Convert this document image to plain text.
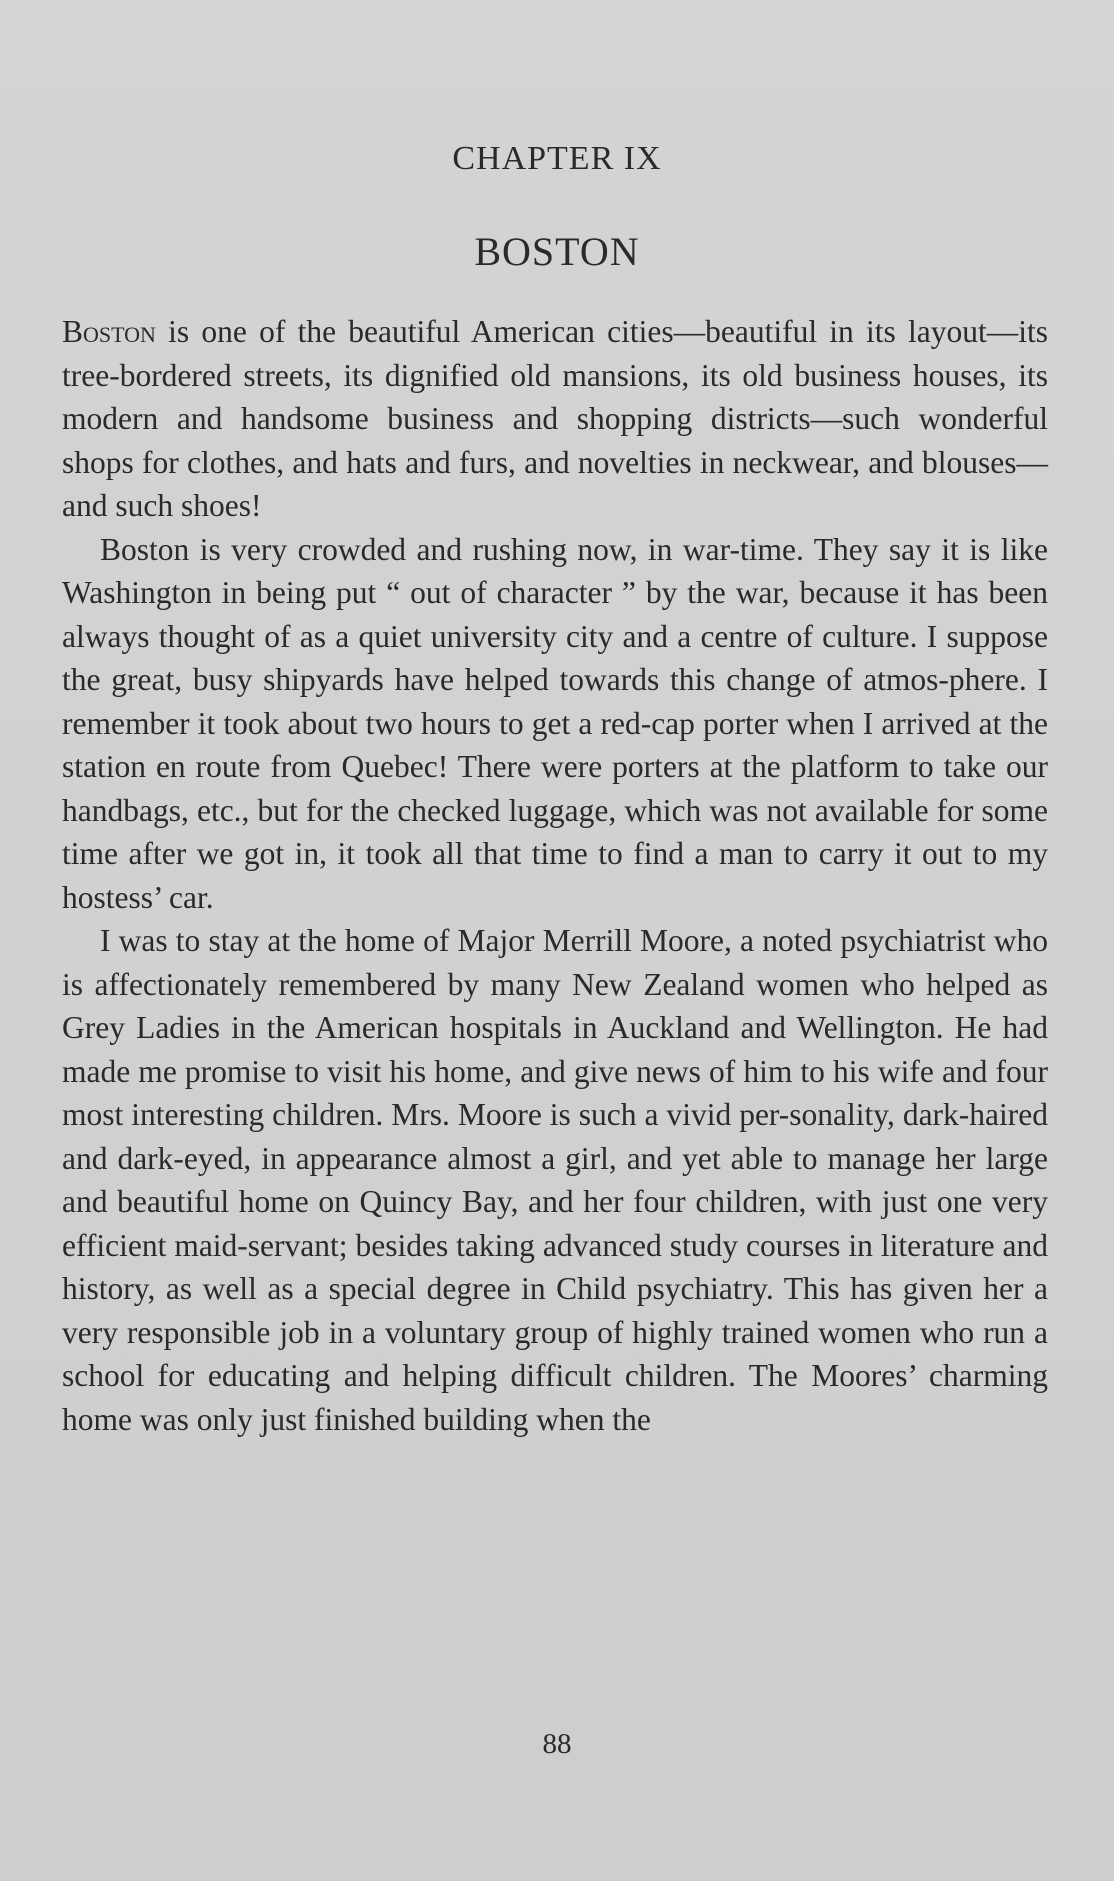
CHAPTER IX
BOSTON

Boston is one of the beautiful American cities—beautiful in its layout—its tree-bordered streets, its dignified old mansions, its old business houses, its modern and handsome business and shopping districts—such wonderful shops for clothes, and hats and furs, and novelties in neckwear, and blouses—and such shoes!

Boston is very crowded and rushing now, in war-time. They say it is like Washington in being put “ out of character ” by the war, because it has been always thought of as a quiet university city and a centre of culture. I suppose the great, busy shipyards have helped towards this change of atmos-phere. I remember it took about two hours to get a red-cap porter when I arrived at the station en route from Quebec! There were porters at the platform to take our handbags, etc., but for the checked luggage, which was not available for some time after we got in, it took all that time to find a man to carry it out to my hostess’ car.

I was to stay at the home of Major Merrill Moore, a noted psychiatrist who is affectionately remembered by many New Zealand women who helped as Grey Ladies in the American hospitals in Auckland and Wellington. He had made me promise to visit his home, and give news of him to his wife and four most interesting children. Mrs. Moore is such a vivid per-sonality, dark-haired and dark-eyed, in appearance almost a girl, and yet able to manage her large and beautiful home on Quincy Bay, and her four children, with just one very efficient maid-servant; besides taking advanced study courses in literature and history, as well as a special degree in Child psychiatry. This has given her a very responsible job in a voluntary group of highly trained women who run a school for educating and helping difficult children. The Moores’ charming home was only just finished building when the

88
